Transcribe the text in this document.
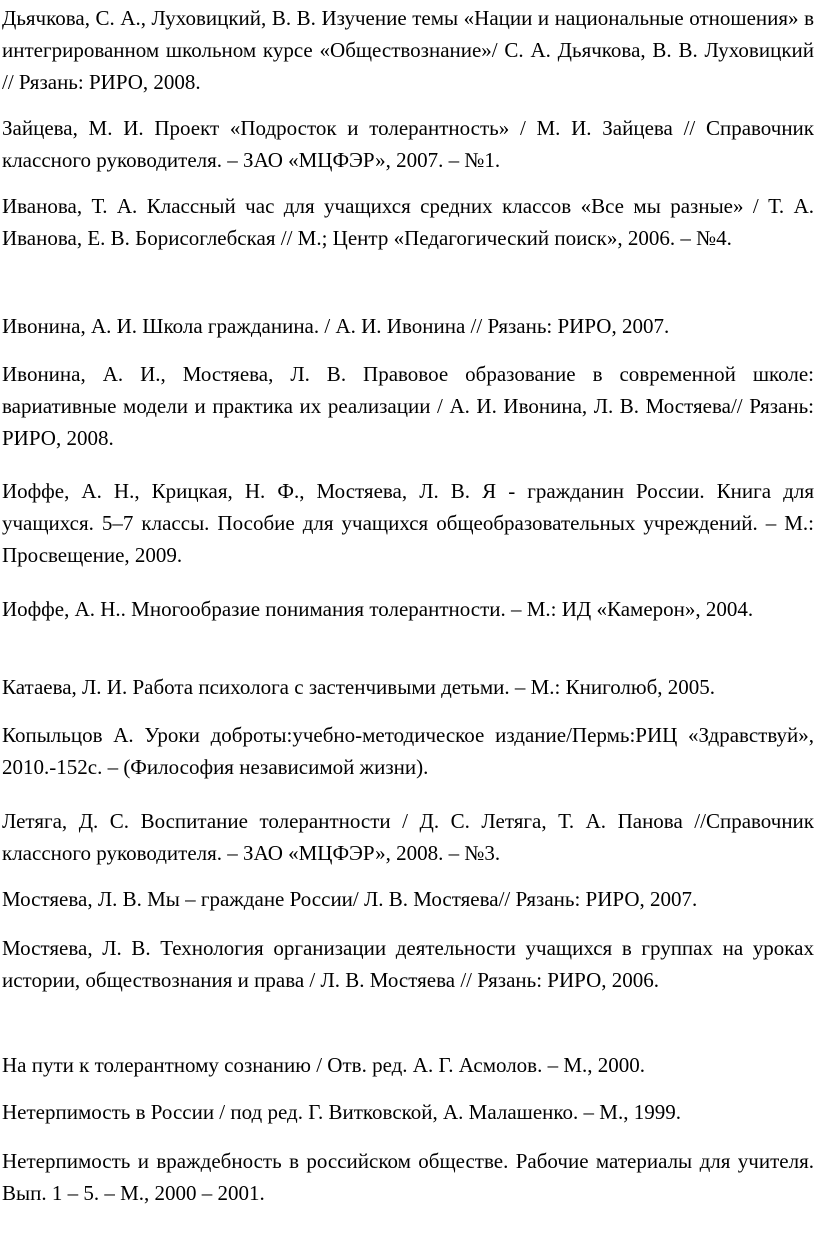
Дьячкова, С. А., Луховицкий, В. В. Изучение темы «Нации и национальные отношения» в интегрированном школьном курсе «Обществознание»/ С. А. Дьячкова, В. В. Луховицкий // Рязань: РИРО, 2008.

Зайцева, М. И. Проект «Подросток и толерантность» / М. И. Зайцева // Справочник классного руководителя. – ЗАО «МЦФЭР», 2007. – №1.

Иванова, Т. А. Классный час для учащихся средних классов «Все мы разные» / Т. А. Иванова, Е. В. Борисоглебская // М.; Центр «Педагогический поиск», 2006. – №4.

Ивонина, А. И. Школа гражданина. / А. И. Ивонина // Рязань: РИРО, 2007.

Ивонина, А. И., Мостяева, Л. В. Правовое образование в современной школе: вариативные модели и практика их реализации / А. И. Ивонина, Л. В. Мостяева// Рязань: РИРО, 2008.

Иоффе, А. Н., Крицкая, Н. Ф., Мостяева, Л. В. Я - гражданин России. Книга для учащихся. 5–7 классы. Пособие для учащихся общеобразовательных учреждений. – М.: Просвещение, 2009.

Иоффе, А. Н.. Многообразие понимания толерантности. – М.: ИД «Камерон», 2004.

Катаева, Л. И. Работа психолога с застенчивыми детьми. – М.: Книголюб, 2005.

Копыльцов А. Уроки доброты:учебно-методическое издание/Пермь:РИЦ «Здравствуй», 2010.-152с. – (Философия независимой жизни).

Летяга, Д. С. Воспитание толерантности / Д. С. Летяга, Т. А. Панова //Справочник классного руководителя. – ЗАО «МЦФЭР», 2008. – №3.

Мостяева, Л. В. Мы – граждане России/ Л. В. Мостяева// Рязань: РИРО, 2007.

Мостяева, Л. В. Технология организации деятельности учащихся в группах на уроках истории, обществознания и права / Л. В. Мостяева // Рязань: РИРО, 2006.

На пути к толерантному сознанию / Отв. ред. А. Г. Асмолов. – М., 2000.

Нетерпимость в России / под ред. Г. Витковской, А. Малашенко. – М., 1999.

Нетерпимость и враждебность в российском обществе. Рабочие материалы для учителя. Вып. 1 – 5. – М., 2000 – 2001.
